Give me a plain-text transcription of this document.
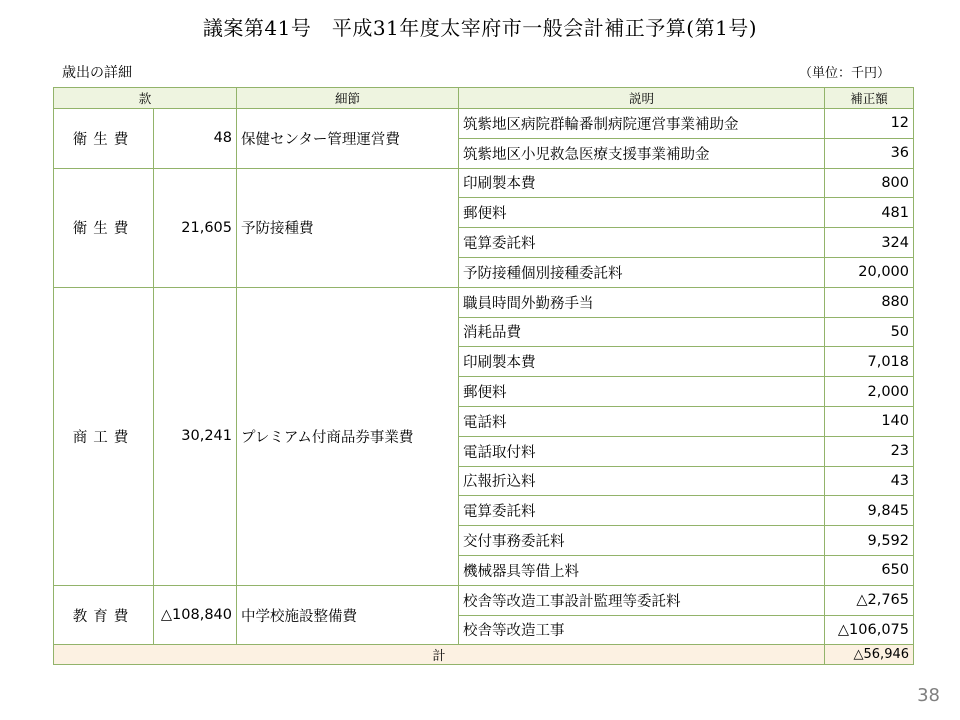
議案第41号　平成31年度太宰府市一般会計補正予算(第1号)
歳出の詳細	（単位：千円）
款		細節	説明	補正額
衛生費	48	保健センター管理運営費	筑紫地区病院群輪番制病院運営事業補助金	12
			筑紫地区小児救急医療支援事業補助金	36
衛生費	21,605	予防接種費	印刷製本費	800
			郵便料	481
			電算委託料	324
			予防接種個別接種委託料	20,000
商工費	30,241	プレミアム付商品券事業費	職員時間外勤務手当	880
			消耗品費	50
			印刷製本費	7,018
			郵便料	2,000
			電話料	140
			電話取付料	23
			広報折込料	43
			電算委託料	9,845
			交付事務委託料	9,592
			機械器具等借上料	650
教育費	△108,840	中学校施設整備費	校舎等改造工事設計監理等委託料	△2,765
			校舎等改造工事	△106,075
計				△56,946
38
